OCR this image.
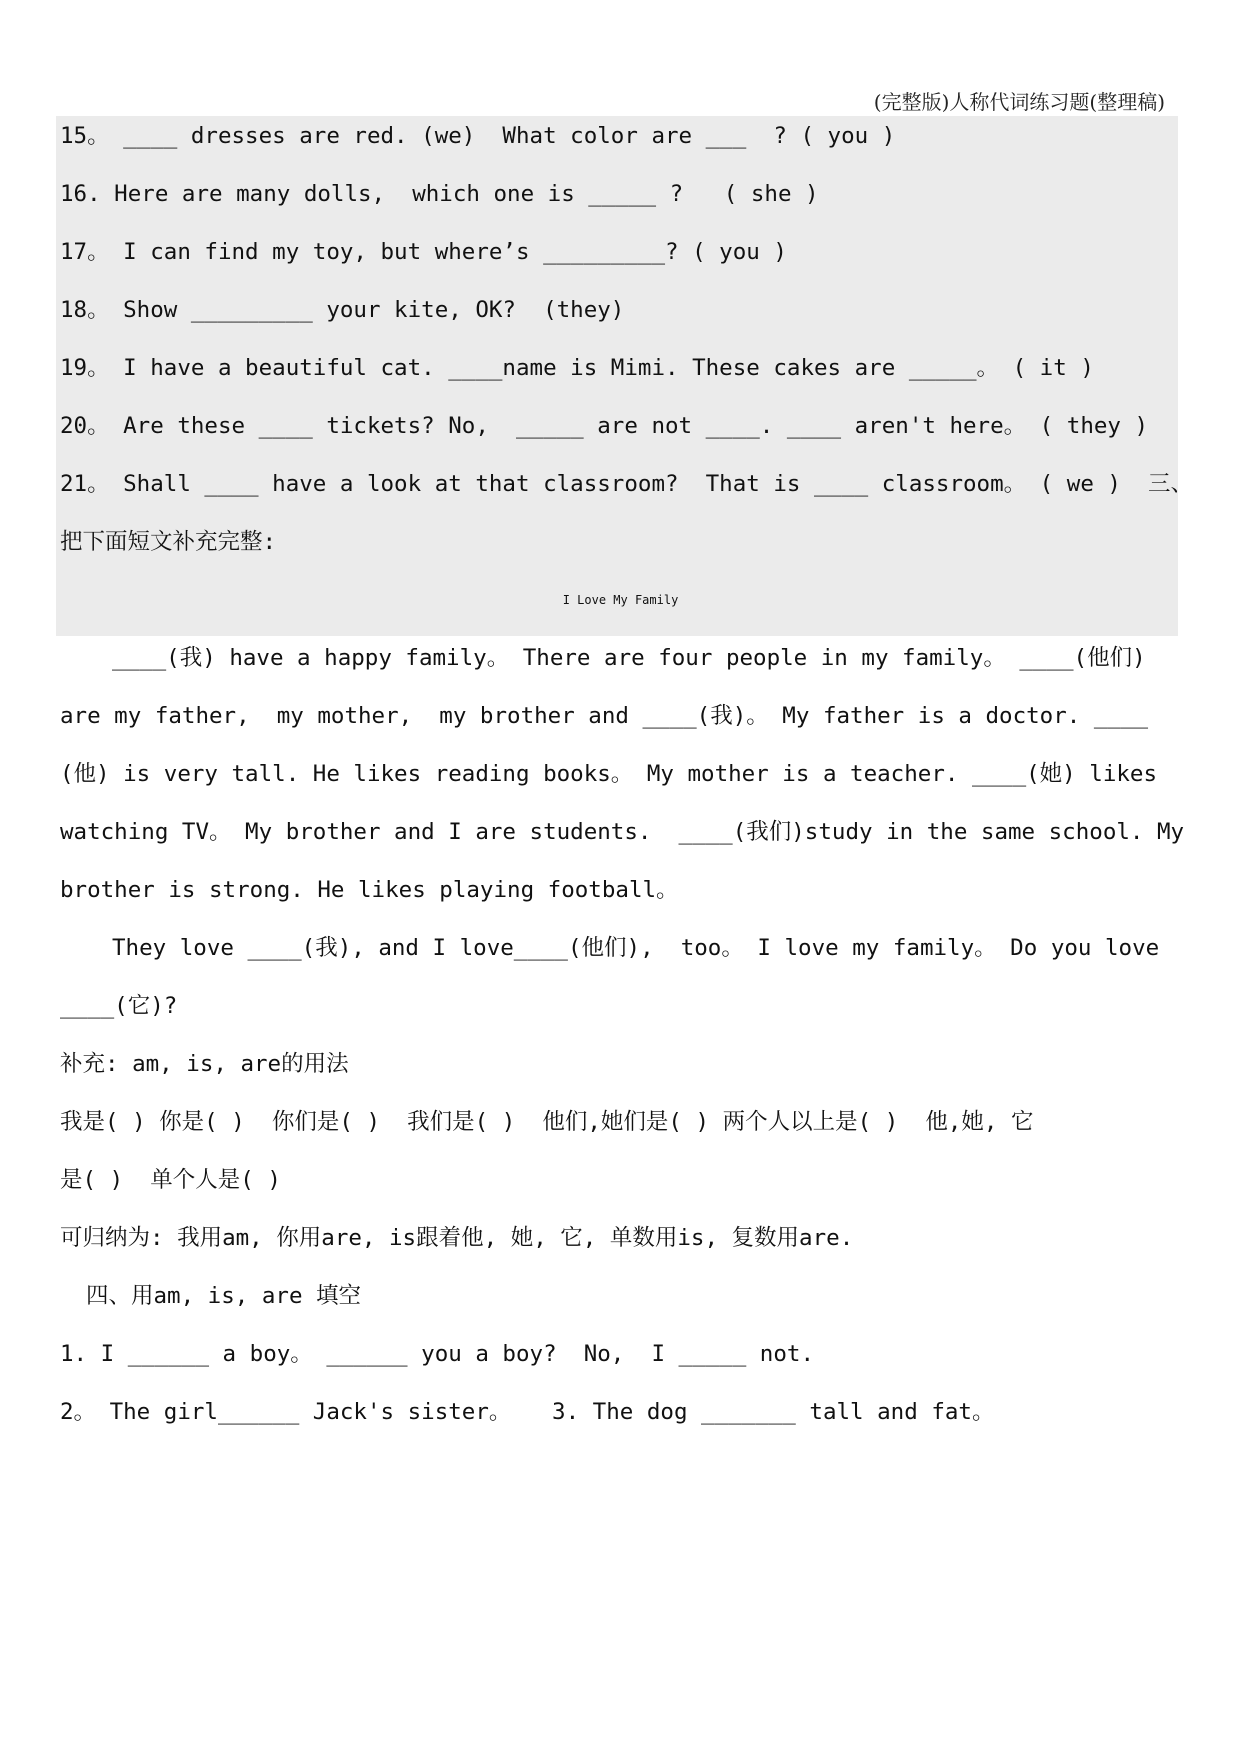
(完整版)人称代词练习题(整理稿)
15。 ____ dresses are red. (we)  What color are ___  ? ( you )
16. Here are many dolls,  which one is _____ ?   ( she )
17。 I can find my toy, but where’s _________? ( you )
18。 Show _________ your kite, OK?  (they)
19。 I have a beautiful cat. ____name is Mimi. These cakes are _____。 ( it )
20。 Are these ____ tickets? No,  _____ are not ____. ____ aren't here。 ( they )
21。 Shall ____ have a look at that classroom?  That is ____ classroom。 ( we )  三、
把下面短文补充完整:
I Love My Family
____(我) have a happy family。 There are four people in my family。 ____(他们)
are my father,  my mother,  my brother and ____(我)。 My father is a doctor. ____
(他) is very tall. He likes reading books。 My mother is a teacher. ____(她) likes
watching TV。 My brother and I are students.  ____(我们)study in the same school. My
brother is strong. He likes playing football。
They love ____(我), and I love____(他们),  too。 I love my family。 Do you love
____(它)?
补充: am, is, are的用法
我是( ) 你是( )  你们是( )  我们是( )  他们,她们是( ) 两个人以上是( )  他,她, 它
是( )  单个人是( )
可归纳为: 我用am, 你用are, is跟着他, 她, 它, 单数用is, 复数用are.
四、用am, is, are 填空
1. I ______ a boy。 ______ you a boy?  No,  I _____ not.
2。 The girl______ Jack's sister。   3. The dog _______ tall and fat。
